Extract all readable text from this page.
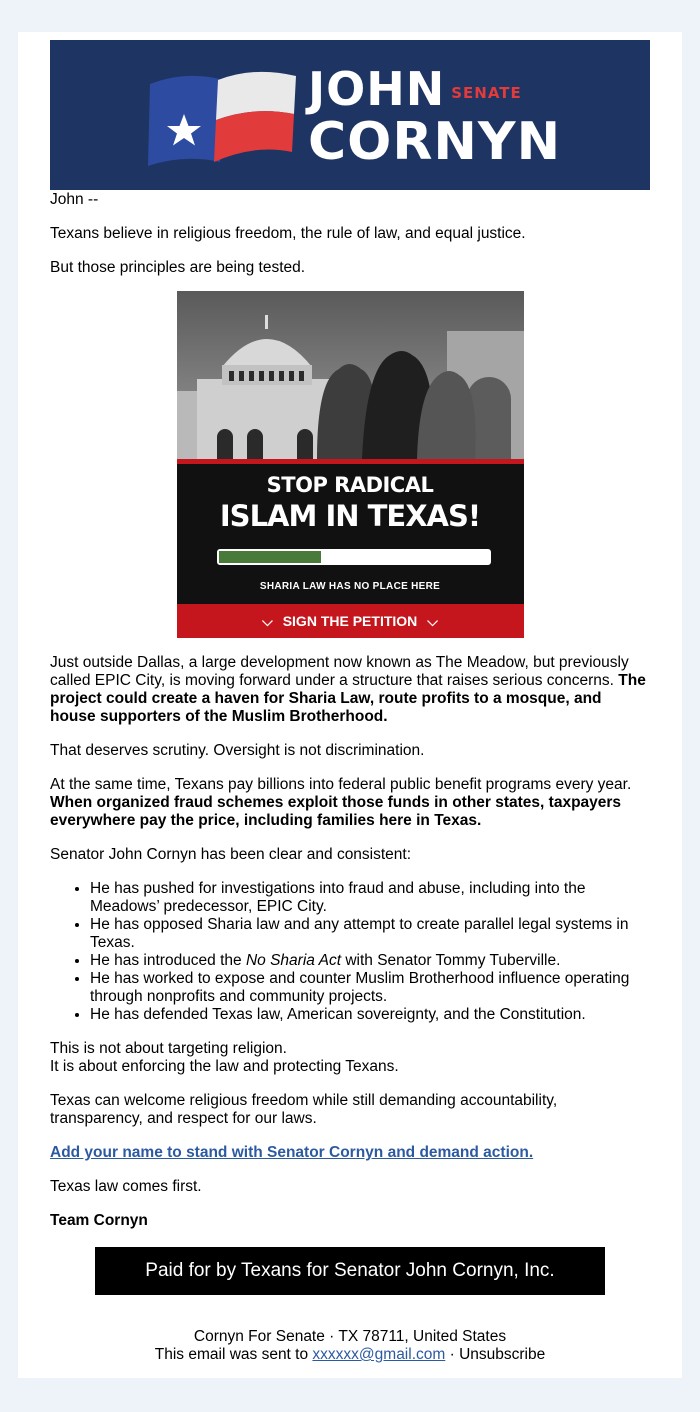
JOHN SENATE
CORNYN

John --

Texans believe in religious freedom, the rule of law, and equal justice.

But those principles are being tested.

STOP RADICAL
ISLAM IN TEXAS!
SHARIA LAW HAS NO PLACE HERE
⌵ SIGN THE PETITION ⌵

Just outside Dallas, a large development now known as The Meadow, but previously called EPIC City, is moving forward under a structure that raises serious concerns. The project could create a haven for Sharia Law, route profits to a mosque, and house supporters of the Muslim Brotherhood.

That deserves scrutiny. Oversight is not discrimination.

At the same time, Texans pay billions into federal public benefit programs every year. When organized fraud schemes exploit those funds in other states, taxpayers everywhere pay the price, including families here in Texas.

Senator John Cornyn has been clear and consistent:

• He has pushed for investigations into fraud and abuse, including into the Meadows’ predecessor, EPIC City.
• He has opposed Sharia law and any attempt to create parallel legal systems in Texas.
• He has introduced the No Sharia Act with Senator Tommy Tuberville.
• He has worked to expose and counter Muslim Brotherhood influence operating through nonprofits and community projects.
• He has defended Texas law, American sovereignty, and the Constitution.

This is not about targeting religion.
It is about enforcing the law and protecting Texans.

Texas can welcome religious freedom while still demanding accountability, transparency, and respect for our laws.

Add your name to stand with Senator Cornyn and demand action.

Texas law comes first.

Team Cornyn

Paid for by Texans for Senator John Cornyn, Inc.
Cornyn For Senate · TX 78711, United States
This email was sent to xxxxxx@gmail.com · Unsubscribe
